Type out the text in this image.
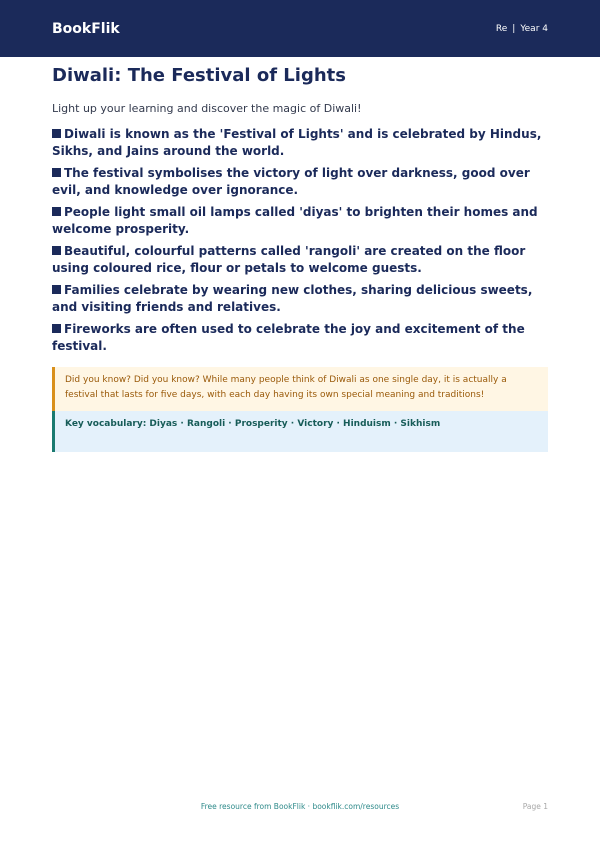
BookFlik	Re | Year 4
Diwali: The Festival of Lights

Light up your learning and discover the magic of Diwali!

Diwali is known as the 'Festival of Lights' and is celebrated by Hindus, Sikhs, and Jains around the world.
The festival symbolises the victory of light over darkness, good over evil, and knowledge over ignorance.
People light small oil lamps called 'diyas' to brighten their homes and welcome prosperity.
Beautiful, colourful patterns called 'rangoli' are created on the floor using coloured rice, flour or petals to welcome guests.
Families celebrate by wearing new clothes, sharing delicious sweets, and visiting friends and relatives.
Fireworks are often used to celebrate the joy and excitement of the festival.
Did you know? Did you know? While many people think of Diwali as one single day, it is actually a festival that lasts for five days, with each day having its own special meaning and traditions!
Key vocabulary: Diyas · Rangoli · Prosperity · Victory · Hinduism · Sikhism
Free resource from BookFlik · bookflik.com/resources	Page 1
